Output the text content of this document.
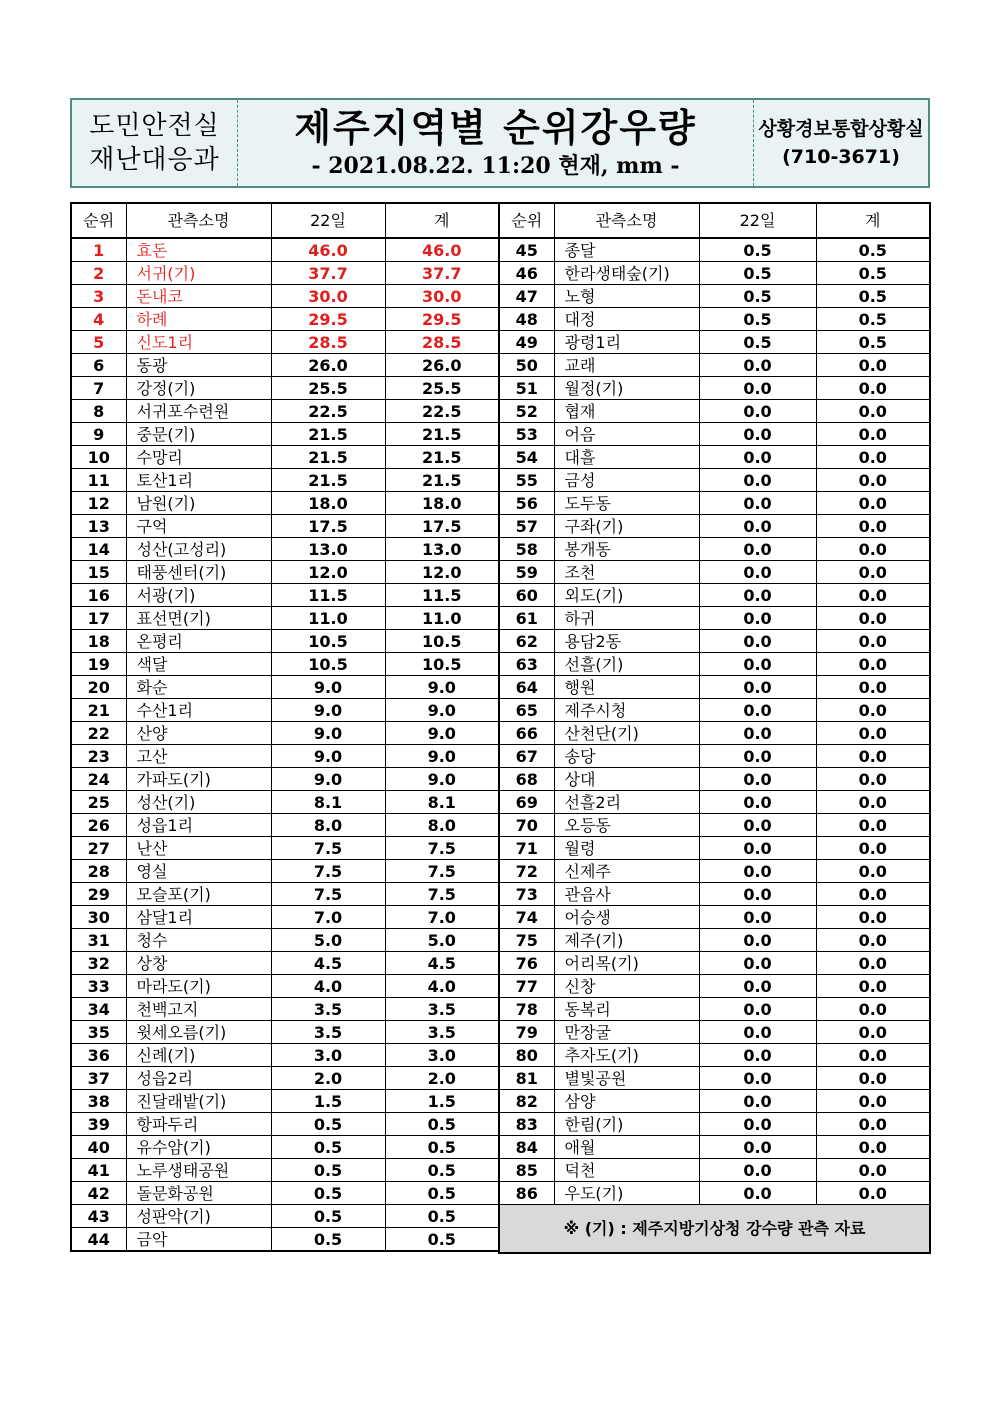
도민안전실
재난대응과
제주지역별 순위강우량
- 2021.08.22. 11:20 현재, mm -
상황경보통합상황실
(710-3671)
순위	관측소명	22일	계
1	효돈	46.0	46.0
2	서귀(기)	37.7	37.7
3	돈내코	30.0	30.0
4	하례	29.5	29.5
5	신도1리	28.5	28.5
6	동광	26.0	26.0
7	강정(기)	25.5	25.5
8	서귀포수련원	22.5	22.5
9	중문(기)	21.5	21.5
10	수망리	21.5	21.5
11	토산1리	21.5	21.5
12	남원(기)	18.0	18.0
13	구억	17.5	17.5
14	성산(고성리)	13.0	13.0
15	태풍센터(기)	12.0	12.0
16	서광(기)	11.5	11.5
17	표선면(기)	11.0	11.0
18	온평리	10.5	10.5
19	색달	10.5	10.5
20	화순	9.0	9.0
21	수산1리	9.0	9.0
22	산양	9.0	9.0
23	고산	9.0	9.0
24	가파도(기)	9.0	9.0
25	성산(기)	8.1	8.1
26	성읍1리	8.0	8.0
27	난산	7.5	7.5
28	영실	7.5	7.5
29	모슬포(기)	7.5	7.5
30	삼달1리	7.0	7.0
31	청수	5.0	5.0
32	상창	4.5	4.5
33	마라도(기)	4.0	4.0
34	천백고지	3.5	3.5
35	윗세오름(기)	3.5	3.5
36	신례(기)	3.0	3.0
37	성읍2리	2.0	2.0
38	진달래밭(기)	1.5	1.5
39	항파두리	0.5	0.5
40	유수암(기)	0.5	0.5
41	노루생태공원	0.5	0.5
42	돌문화공원	0.5	0.5
43	성판악(기)	0.5	0.5
44	금악	0.5	0.5
순위	관측소명	22일	계
45	종달	0.5	0.5
46	한라생태숲(기)	0.5	0.5
47	노형	0.5	0.5
48	대정	0.5	0.5
49	광령1리	0.5	0.5
50	교래	0.0	0.0
51	월정(기)	0.0	0.0
52	협재	0.0	0.0
53	어음	0.0	0.0
54	대흘	0.0	0.0
55	금성	0.0	0.0
56	도두동	0.0	0.0
57	구좌(기)	0.0	0.0
58	봉개동	0.0	0.0
59	조천	0.0	0.0
60	외도(기)	0.0	0.0
61	하귀	0.0	0.0
62	용담2동	0.0	0.0
63	선흘(기)	0.0	0.0
64	행원	0.0	0.0
65	제주시청	0.0	0.0
66	산천단(기)	0.0	0.0
67	송당	0.0	0.0
68	상대	0.0	0.0
69	선흘2리	0.0	0.0
70	오등동	0.0	0.0
71	월령	0.0	0.0
72	신제주	0.0	0.0
73	관음사	0.0	0.0
74	어승생	0.0	0.0
75	제주(기)	0.0	0.0
76	어리목(기)	0.0	0.0
77	신창	0.0	0.0
78	동복리	0.0	0.0
79	만장굴	0.0	0.0
80	추자도(기)	0.0	0.0
81	별빛공원	0.0	0.0
82	삼양	0.0	0.0
83	한림(기)	0.0	0.0
84	애월	0.0	0.0
85	덕천	0.0	0.0
86	우도(기)	0.0	0.0
※ (기) : 제주지방기상청 강수량 관측 자료			
